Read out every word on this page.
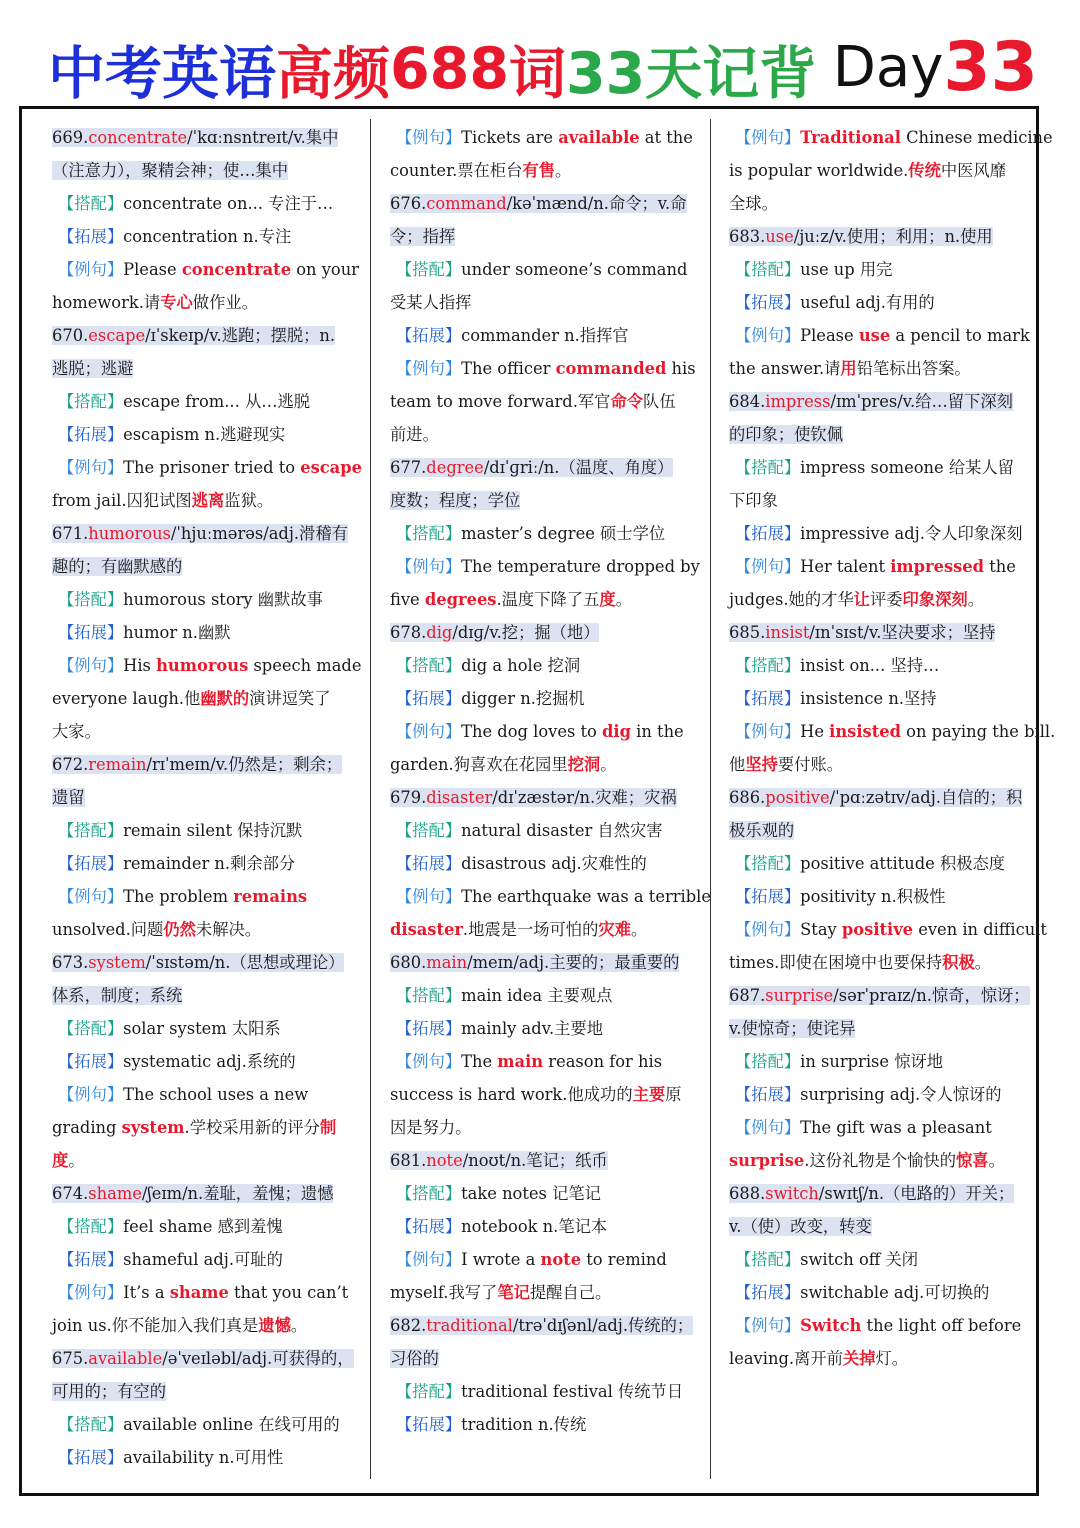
中考英语高频688词33天记背 Day33
669.concentrate/ˈkɑːnsntreɪt/v.集中
（注意力），聚精会神；使…集中
【搭配】concentrate on... 专注于…
【拓展】concentration n.专注
【例句】Please concentrate on your
homework.请专心做作业。
670.escape/ɪˈskeɪp/v.逃跑；摆脱；n.
逃脱；逃避
【搭配】escape from... 从…逃脱
【拓展】escapism n.逃避现实
【例句】The prisoner tried to escape
from jail.囚犯试图逃离监狱。
671.humorous/ˈhjuːmərəs/adj.滑稽有
趣的；有幽默感的
【搭配】humorous story 幽默故事
【拓展】humor n.幽默
【例句】His humorous speech made
everyone laugh.他幽默的演讲逗笑了
大家。
672.remain/rɪˈmeɪn/v.仍然是；剩余；
遗留
【搭配】remain silent 保持沉默
【拓展】remainder n.剩余部分
【例句】The problem remains
unsolved.问题仍然未解决。
673.system/ˈsɪstəm/n.（思想或理论）
体系，制度；系统
【搭配】solar system 太阳系
【拓展】systematic adj.系统的
【例句】The school uses a new
grading system.学校采用新的评分制
度。
674.shame/ʃeɪm/n.羞耻，羞愧；遗憾
【搭配】feel shame 感到羞愧
【拓展】shameful adj.可耻的
【例句】It’s a shame that you can’t
join us.你不能加入我们真是遗憾。
675.available/əˈveɪləbl/adj.可获得的，
可用的；有空的
【搭配】available online 在线可用的
【拓展】availability n.可用性
【例句】Tickets are available at the
counter.票在柜台有售。
676.command/kəˈmænd/n.命令；v.命
令；指挥
【搭配】under someone’s command
受某人指挥
【拓展】commander n.指挥官
【例句】The officer commanded his
team to move forward.军官命令队伍
前进。
677.degree/dɪˈɡriː/n.（温度、角度）
度数；程度；学位
【搭配】master’s degree 硕士学位
【例句】The temperature dropped by
five degrees.温度下降了五度。
678.dig/dɪɡ/v.挖；掘（地）
【搭配】dig a hole 挖洞
【拓展】digger n.挖掘机
【例句】The dog loves to dig in the
garden.狗喜欢在花园里挖洞。
679.disaster/dɪˈzæstər/n.灾难；灾祸
【搭配】natural disaster 自然灾害
【拓展】disastrous adj.灾难性的
【例句】The earthquake was a terrible
disaster.地震是一场可怕的灾难。
680.main/meɪn/adj.主要的；最重要的
【搭配】main idea 主要观点
【拓展】mainly adv.主要地
【例句】The main reason for his
success is hard work.他成功的主要原
因是努力。
681.note/noʊt/n.笔记；纸币
【搭配】take notes 记笔记
【拓展】notebook n.笔记本
【例句】I wrote a note to remind
myself.我写了笔记提醒自己。
682.traditional/trəˈdɪʃənl/adj.传统的；
习俗的
【搭配】traditional festival 传统节日
【拓展】tradition n.传统
【例句】Traditional Chinese medicine
is popular worldwide.传统中医风靡
全球。
683.use/juːz/v.使用；利用；n.使用
【搭配】use up 用完
【拓展】useful adj.有用的
【例句】Please use a pencil to mark
the answer.请用铅笔标出答案。
684.impress/ɪmˈpres/v.给…留下深刻
的印象；使钦佩
【搭配】impress someone 给某人留
下印象
【拓展】impressive adj.令人印象深刻
【例句】Her talent impressed the
judges.她的才华让评委印象深刻。
685.insist/ɪnˈsɪst/v.坚决要求；坚持
【搭配】insist on... 坚持…
【拓展】insistence n.坚持
【例句】He insisted on paying the bill.
他坚持要付账。
686.positive/ˈpɑːzətɪv/adj.自信的；积
极乐观的
【搭配】positive attitude 积极态度
【拓展】positivity n.积极性
【例句】Stay positive even in difficult
times.即使在困境中也要保持积极。
687.surprise/sərˈpraɪz/n.惊奇，惊讶；
v.使惊奇；使诧异
【搭配】in surprise 惊讶地
【拓展】surprising adj.令人惊讶的
【例句】The gift was a pleasant
surprise.这份礼物是个愉快的惊喜。
688.switch/swɪtʃ/n.（电路的）开关；
v.（使）改变，转变
【搭配】switch off 关闭
【拓展】switchable adj.可切换的
【例句】Switch the light off before
leaving.离开前关掉灯。
